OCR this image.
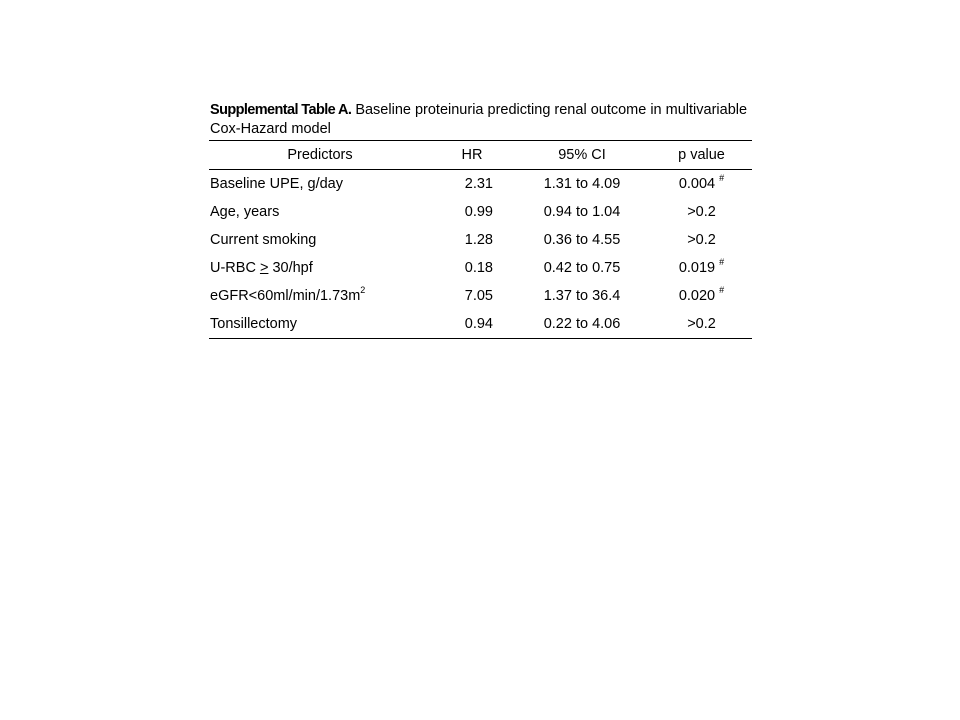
Supplemental Table A. Baseline proteinuria predicting renal outcome in multivariable Cox-Hazard model

Predictors	HR	95% CI	p value
Baseline UPE, g/day	2.31	1.31 to 4.09	0.004 #
Age, years	0.99	0.94 to 1.04	>0.2
Current smoking	1.28	0.36 to 4.55	>0.2
U-RBC ≥ 30/hpf	0.18	0.42 to 0.75	0.019 #
$eGFR<60ml/\min/1.73m^2$	7.05	1.37 to 36.4	0.020 #
Tonsillectomy	0.94	0.22 to 4.06	>0.2
